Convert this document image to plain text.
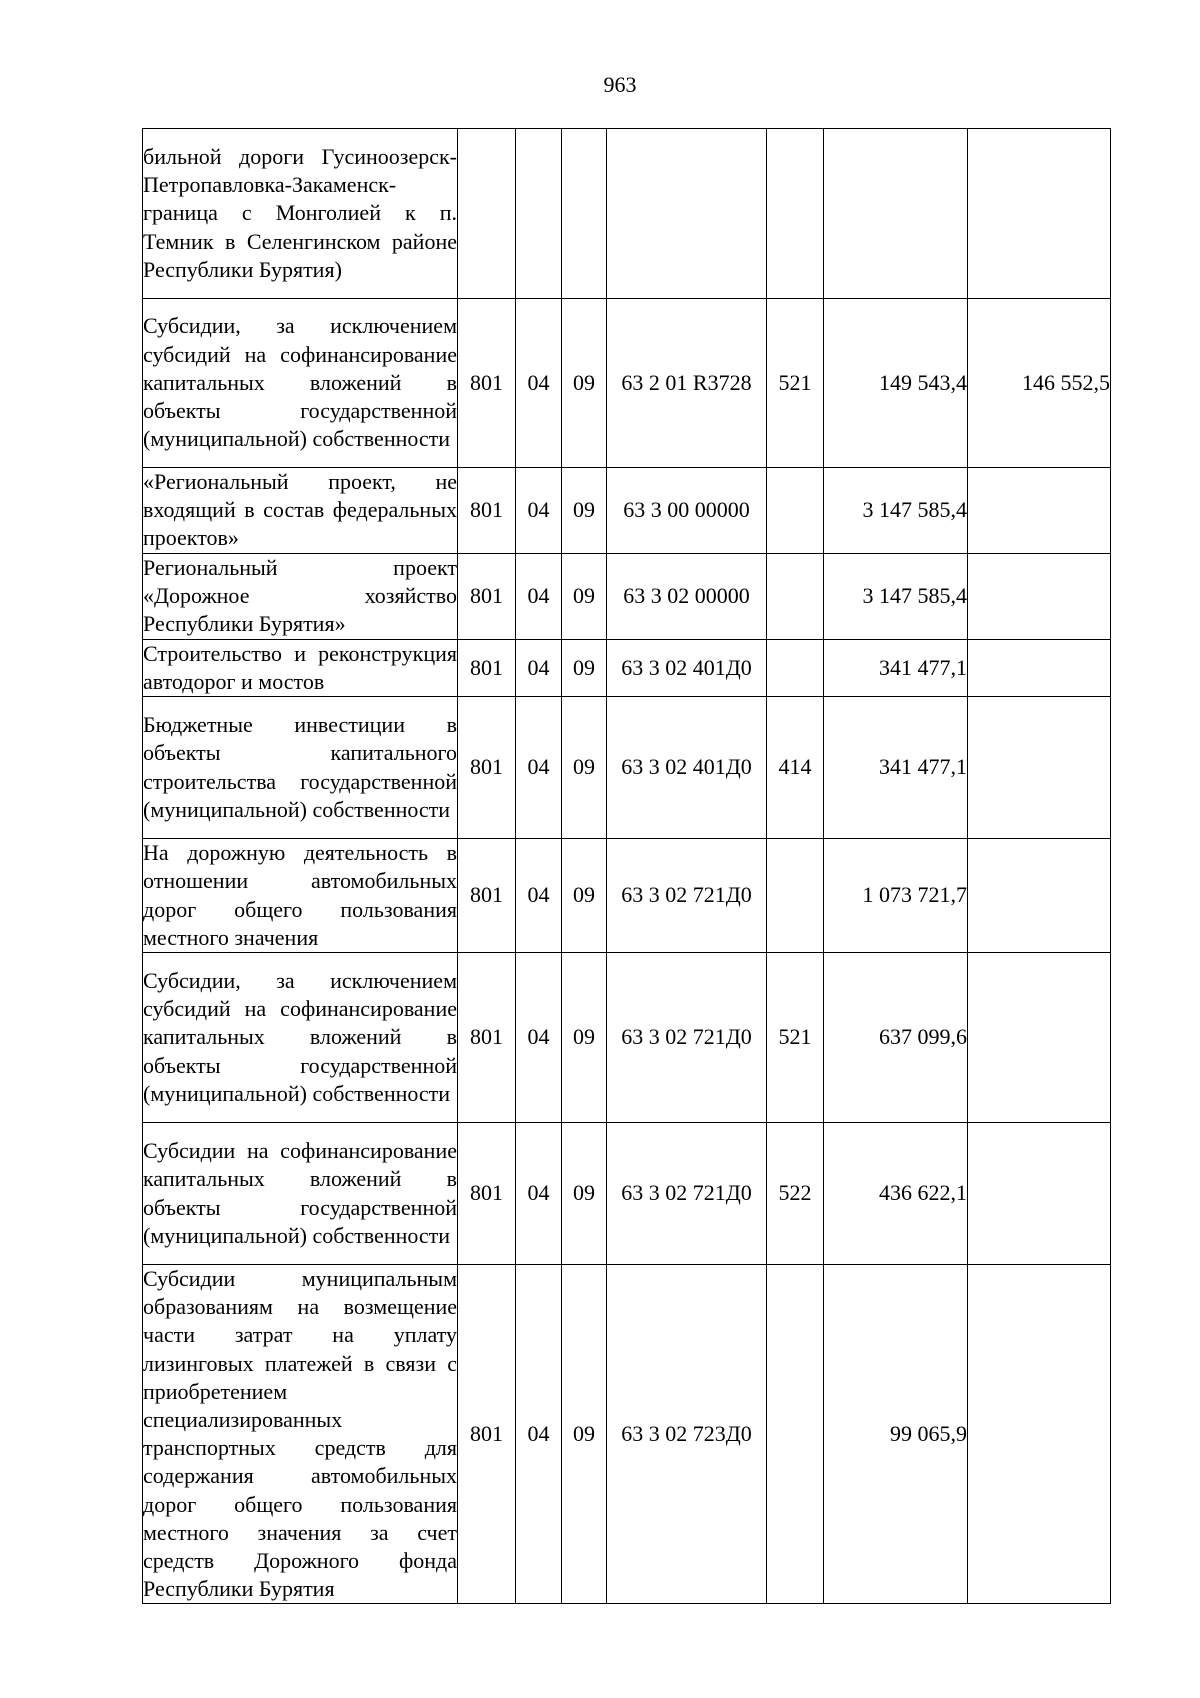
963
бильной дороги Гусиноозерск-Петропавловка-Закаменск-граница с Монголией к п. Темник в Селенгинском районе Республики Бурятия)							
Субсидии, за исключением субсидий на софинансирование капитальных вложений в объекты государственной (муниципальной) собственности	801	04	09	63 2 01 R3728	521	149 543,4	146 552,5
«Региональный проект, не входящий в состав федеральных проектов»	801	04	09	63 3 00 00000		3 147 585,4	
Региональный проект «Дорожное хозяйство Республики Бурятия»	801	04	09	63 3 02 00000		3 147 585,4	
Строительство и реконструкция автодорог и мостов	801	04	09	63 3 02 401Д0		341 477,1	
Бюджетные инвестиции в объекты капитального строительства государственной (муниципальной) собственности	801	04	09	63 3 02 401Д0	414	341 477,1	
На дорожную деятельность в отношении автомобильных дорог общего пользования местного значения	801	04	09	63 3 02 721Д0		1 073 721,7	
Субсидии, за исключением субсидий на софинансирование капитальных вложений в объекты государственной (муниципальной) собственности	801	04	09	63 3 02 721Д0	521	637 099,6	
Субсидии на софинансирование капитальных вложений в объекты государственной (муниципальной) собственности	801	04	09	63 3 02 721Д0	522	436 622,1	
Субсидии муниципальным образованиям на возмещение части затрат на уплату лизинговых платежей в связи с приобретением специализированных транспортных средств для содержания автомобильных дорог общего пользования местного значения за счет средств Дорожного фонда Республики Бурятия	801	04	09	63 3 02 723Д0		99 065,9	
